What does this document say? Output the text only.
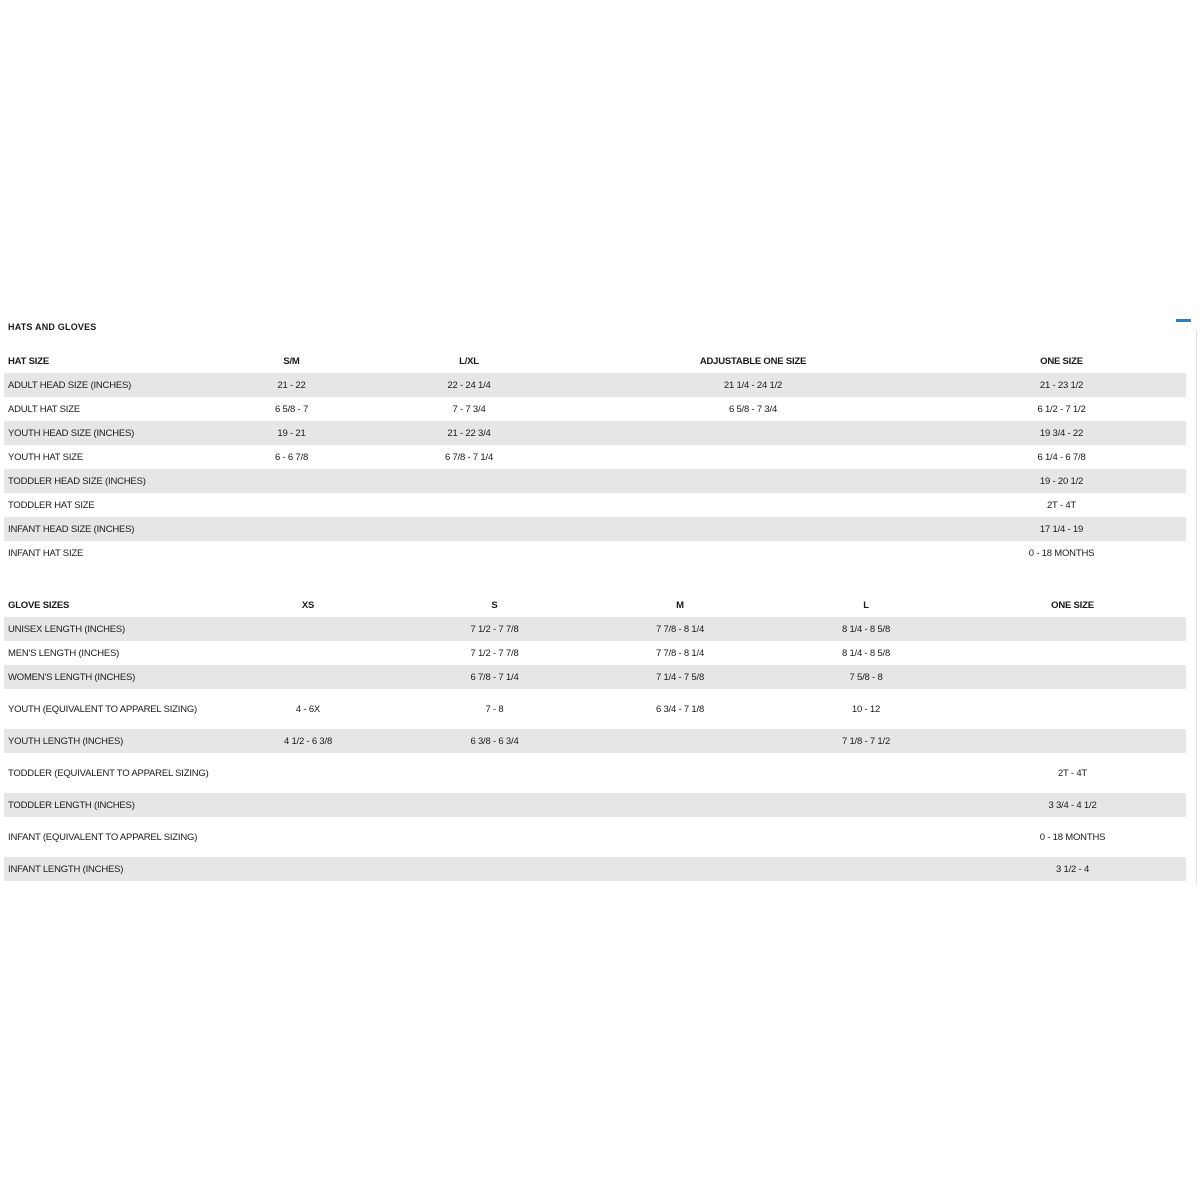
HATS AND GLOVES
HAT SIZE	S/M	L/XL	ADJUSTABLE ONE SIZE	ONE SIZE
ADULT HEAD SIZE (INCHES)	21 - 22	22 - 24 1/4	21 1/4 - 24 1/2	21 - 23 1/2
ADULT HAT SIZE	6 5/8 - 7	7 - 7 3/4	6 5/8 - 7 3/4	6 1/2 - 7 1/2
YOUTH HEAD SIZE (INCHES)	19 - 21	21 - 22 3/4		19 3/4 - 22
YOUTH HAT SIZE	6 - 6 7/8	6 7/8 - 7 1/4		6 1/4 - 6 7/8
TODDLER HEAD SIZE (INCHES)				19 - 20 1/2
TODDLER HAT SIZE				2T - 4T
INFANT HEAD SIZE (INCHES)				17 1/4 - 19
INFANT HAT SIZE				0 - 18 MONTHS
GLOVE SIZES	XS	S	M	L	ONE SIZE
UNISEX LENGTH (INCHES)		7 1/2 - 7 7/8	7 7/8 - 8 1/4	8 1/4 - 8 5/8	
MEN'S LENGTH (INCHES)		7 1/2 - 7 7/8	7 7/8 - 8 1/4	8 1/4 - 8 5/8	
WOMEN'S LENGTH (INCHES)		6 7/8 - 7 1/4	7 1/4 - 7 5/8	7 5/8 - 8	
YOUTH (EQUIVALENT TO APPAREL SIZING)	4 - 6X	7 - 8	6 3/4 - 7 1/8	10 - 12	
YOUTH LENGTH (INCHES)	4 1/2 - 6 3/8	6 3/8 - 6 3/4		7 1/8 - 7 1/2	
TODDLER (EQUIVALENT TO APPAREL SIZING)					2T - 4T
TODDLER LENGTH (INCHES)					3 3/4 - 4 1/2
INFANT (EQUIVALENT TO APPAREL SIZING)					0 - 18 MONTHS
INFANT LENGTH (INCHES)					3 1/2 - 4
